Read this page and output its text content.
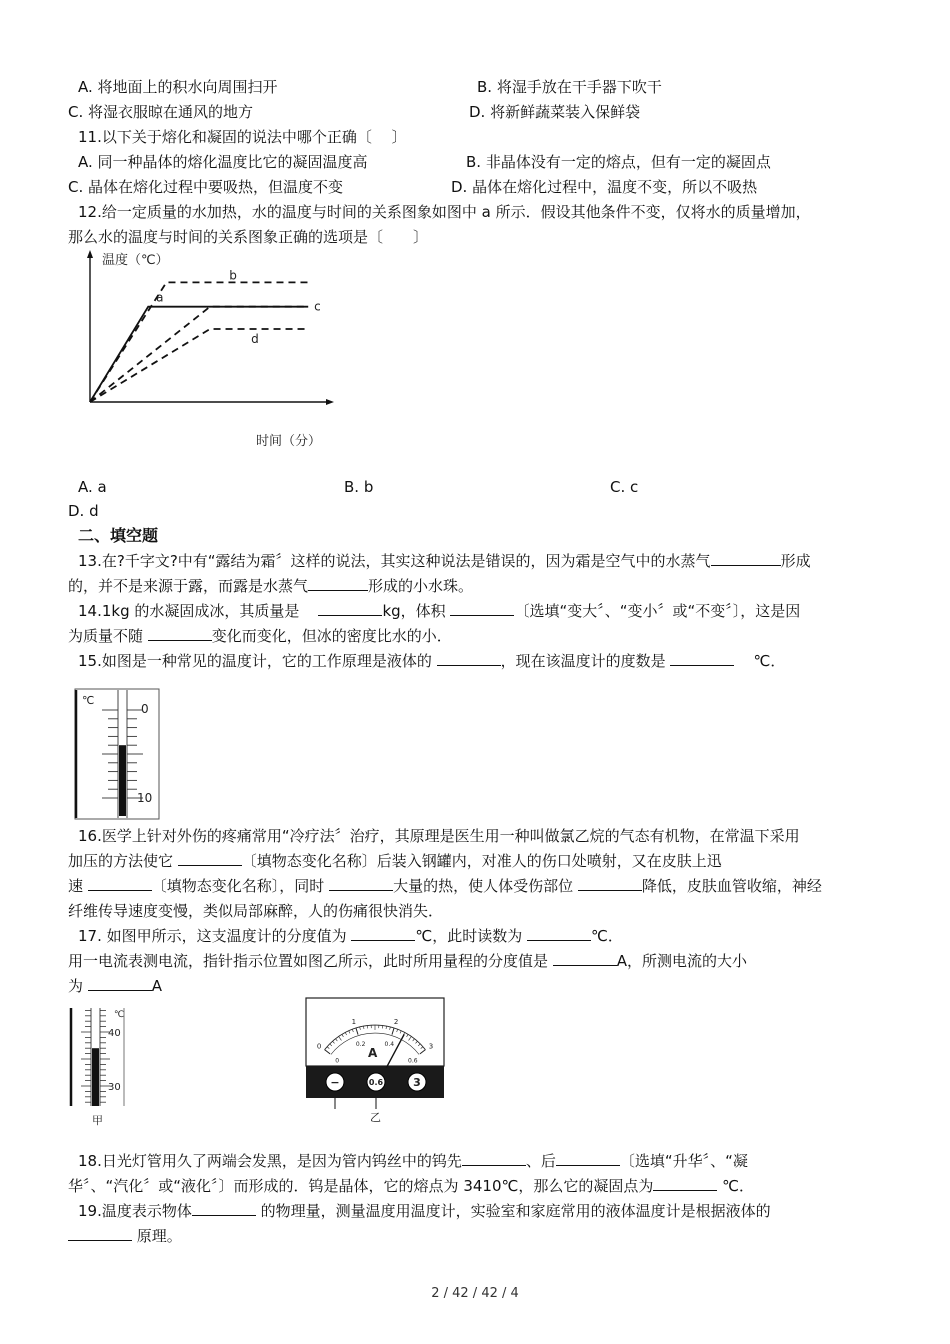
A. 将地面上的积水向周围扫开	B. 将湿手放在干手器下吹干
C. 将湿衣服晾在通风的地方	D. 将新鲜蔬菜装入保鲜袋
11.以下关于熔化和凝固的说法中哪个正确〔　 〕
A. 同一种晶体的熔化温度比它的凝固温度高	B. 非晶体没有一定的熔点，但有一定的凝固点
C. 晶体在熔化过程中要吸热，但温度不变	D. 晶体在熔化过程中，温度不变，所以不吸热
12.给一定质量的水加热，水的温度与时间的关系图象如图中 a 所示．假设其他条件不变，仅将水的质量增加，
那么水的温度与时间的关系图象正确的选项是〔　　〕
温度（℃）
时间（分）
a
b
c
d
A. a	B. b	C. c
D. d
二、填空题
13.在?千字文?中有“露结为霜〞这样的说法，其实这种说法是错误的，因为霜是空气中的水蒸气	形成
的，并不是来源于露，而露是水蒸气	形成的小水珠。
14.1kg 的水凝固成冰，其质量是	kg，体积	〔选填“变大〞、“变小〞或“不变〞〕，这是因
为质量不随	变化而变化，但冰的密度比水的小．
15.如图是一种常见的温度计，它的工作原理是液体的	，现在该温度计的度数是	℃．
℃
0
10
16.医学上针对外伤的疼痛常用“冷疗法〞治疗，其原理是医生用一种叫做氯乙烷的气态有机物，在常温下采用
加压的方法使它	〔填物态变化名称〕后装入钢罐内，对准人的伤口处喷射，又在皮肤上迅
速	〔填物态变化名称〕，同时	大量的热，使人体受伤部位	降低，皮肤血管收缩，神经
纤维传导速度变慢，类似局部麻醉，人的伤痛很快消失．
17. 如图甲所示，这支温度计的分度值为	℃，此时读数为	℃．
用一电流表测电流，指针指示位置如图乙所示，此时所用量程的分度值是	A，所测电流的大小
为	A
℃
40
30
甲
0
1	2
3
0
0.2	0.4
0.6
A
−	0.6	3
乙
18.日光灯管用久了两端会发黑，是因为管内钨丝中的钨先	、后	〔选填“升华〞、“凝
华〞、“汽化〞或“液化〞〕而形成的．钨是晶体，它的熔点为 3410℃，那么它的凝固点为	℃．
19.温度表示物体	的物理量，测量温度用温度计，实验室和家庭常用的液体温度计是根据液体的
原理。
2 / 42 / 42 / 4
